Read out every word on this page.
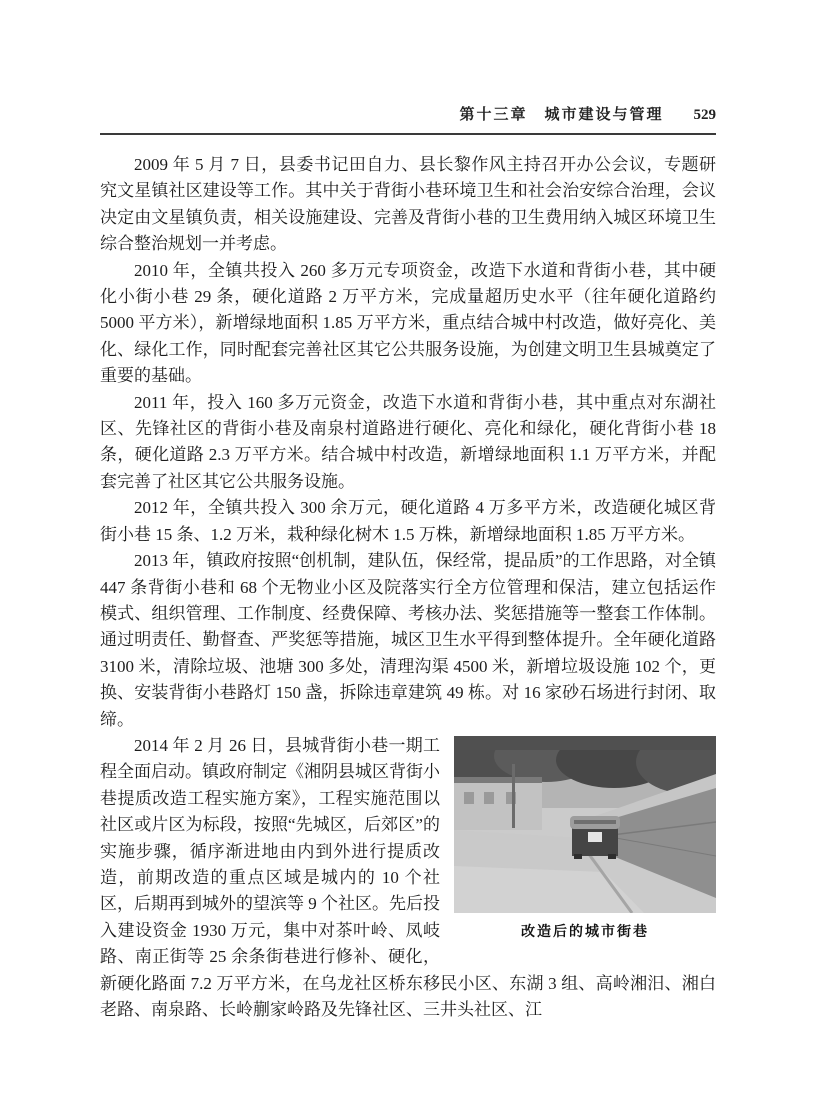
第十三章　城市建设与管理 529

2009 年 5 月 7 日，县委书记田自力、县长黎作风主持召开办公会议，专题研究文星镇社区建设等工作。其中关于背街小巷环境卫生和社会治安综合治理，会议决定由文星镇负责，相关设施建设、完善及背街小巷的卫生费用纳入城区环境卫生综合整治规划一并考虑。

2010 年，全镇共投入 260 多万元专项资金，改造下水道和背街小巷，其中硬化小街小巷 29 条，硬化道路 2 万平方米，完成量超历史水平（往年硬化道路约 5000 平方米），新增绿地面积 1.85 万平方米，重点结合城中村改造，做好亮化、美化、绿化工作，同时配套完善社区其它公共服务设施，为创建文明卫生县城奠定了重要的基础。

2011 年，投入 160 多万元资金，改造下水道和背街小巷，其中重点对东湖社区、先锋社区的背街小巷及南泉村道路进行硬化、亮化和绿化，硬化背街小巷 18 条，硬化道路 2.3 万平方米。结合城中村改造，新增绿地面积 1.1 万平方米，并配套完善了社区其它公共服务设施。

2012 年，全镇共投入 300 余万元，硬化道路 4 万多平方米，改造硬化城区背街小巷 15 条、1.2 万米，栽种绿化树木 1.5 万株，新增绿地面积 1.85 万平方米。

2013 年，镇政府按照“创机制，建队伍，保经常，提品质”的工作思路，对全镇 447 条背街小巷和 68 个无物业小区及院落实行全方位管理和保洁，建立包括运作模式、组织管理、工作制度、经费保障、考核办法、奖惩措施等一整套工作体制。通过明责任、勤督查、严奖惩等措施，城区卫生水平得到整体提升。全年硬化道路 3100 米，清除垃圾、池塘 300 多处，清理沟渠 4500 米，新增垃圾设施 102 个，更换、安装背街小巷路灯 150 盏，拆除违章建筑 49 栋。对 16 家砂石场进行封闭、取缔。

改造后的城市街巷

2014 年 2 月 26 日，县城背街小巷一期工程全面启动。镇政府制定《湘阴县城区背街小巷提质改造工程实施方案》，工程实施范围以社区或片区为标段，按照“先城区，后郊区”的实施步骤，循序渐进地由内到外进行提质改造，前期改造的重点区域是城内的 10 个社区，后期再到城外的望滨等 9 个社区。先后投入建设资金 1930 万元，集中对茶叶岭、凤岐路、南正街等 25 余条街巷进行修补、硬化，新硬化路面 7.2 万平方米，在乌龙社区桥东移民小区、东湖 3 组、高岭湘汨、湘白老路、南泉路、长岭蒯家岭路及先锋社区、三井头社区、江
